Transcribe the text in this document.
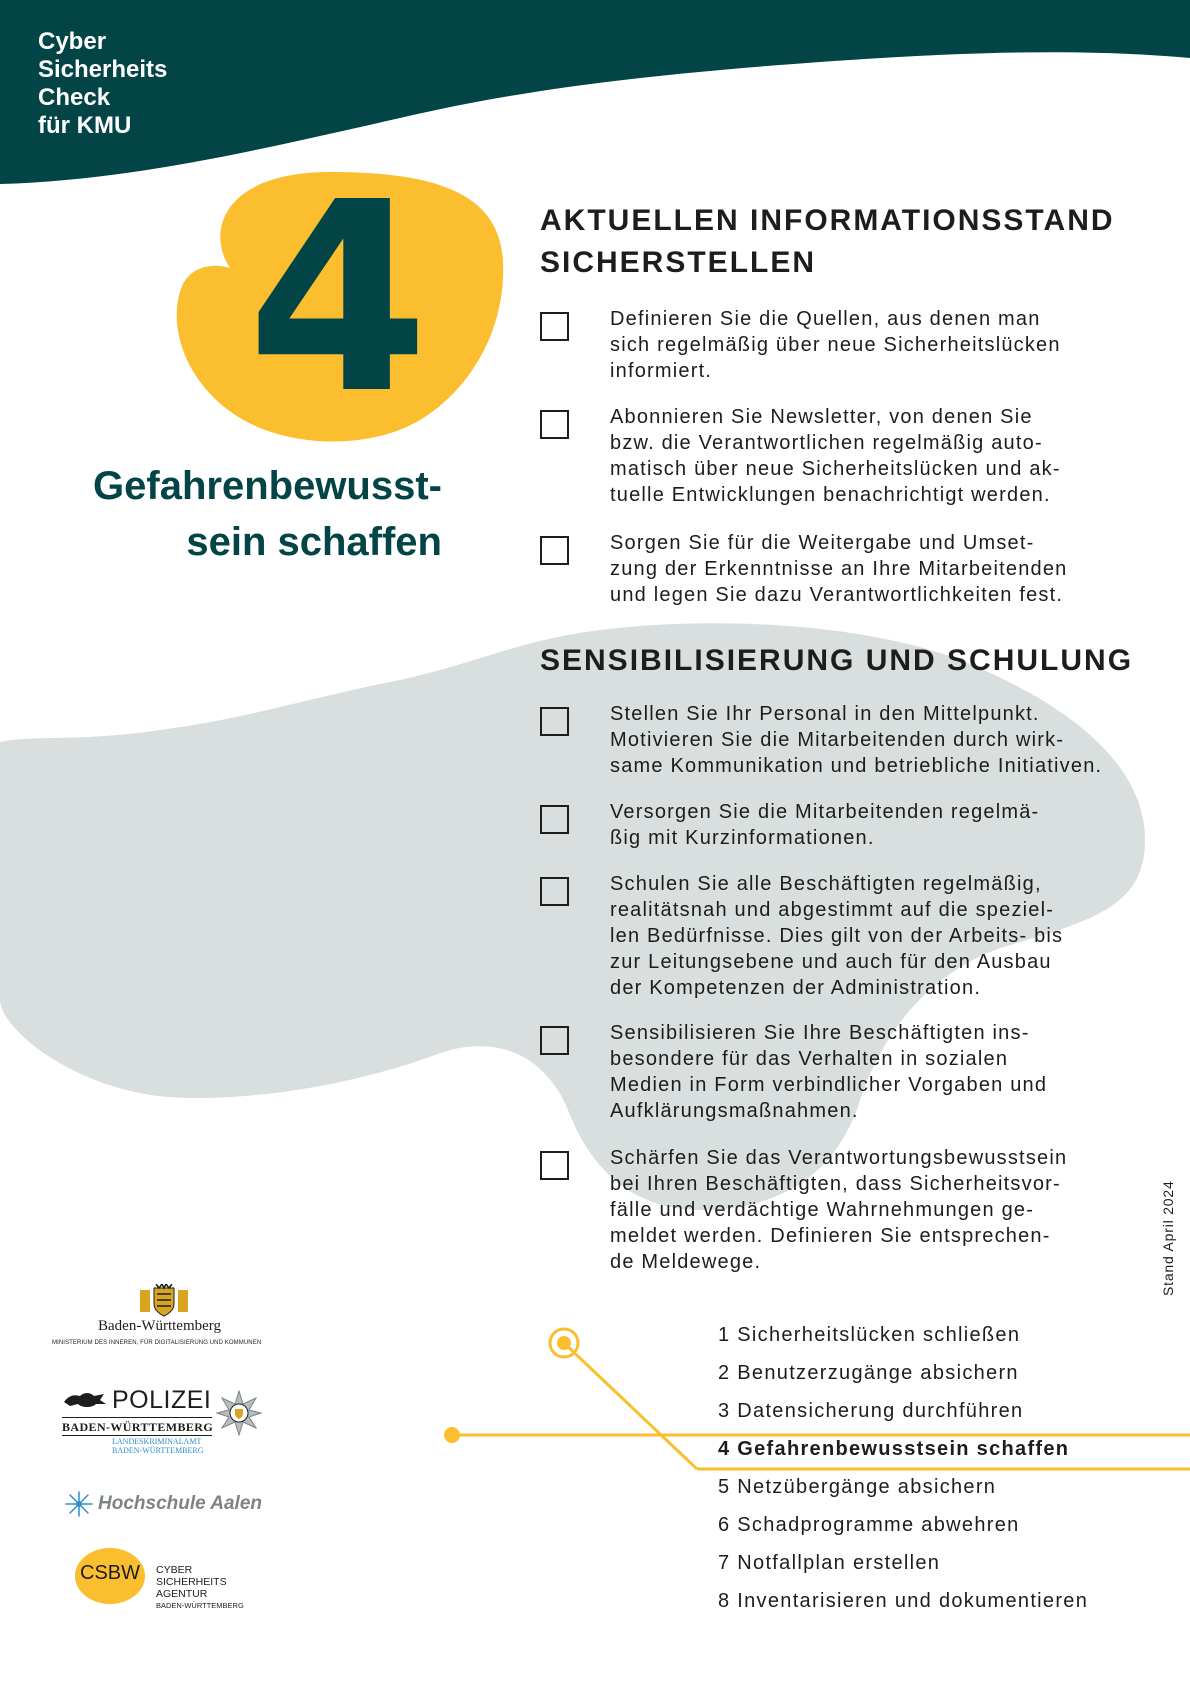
Cyber
Sicherheits
Check
für KMU
4
Gefahrenbewusst-
sein schaffen
AKTUELLEN INFORMATIONSSTAND
SICHERSTELLEN
Definieren Sie die Quellen, aus denen man
sich regelmäßig über neue Sicherheitslücken
informiert.
Abonnieren Sie Newsletter, von denen Sie
bzw. die Verantwortlichen regelmäßig auto-
matisch über neue Sicherheitslücken und ak-
tuelle Entwicklungen benachrichtigt werden.
Sorgen Sie für die Weitergabe und Umset-
zung der Erkenntnisse an Ihre Mitarbeitenden
und legen Sie dazu Verantwortlichkeiten fest.
SENSIBILISIERUNG UND SCHULUNG
Stellen Sie Ihr Personal in den Mittelpunkt.
Motivieren Sie die Mitarbeitenden durch wirk-
same Kommunikation und betriebliche Initiativen.
Versorgen Sie die Mitarbeitenden regelmä-
ßig mit Kurzinformationen.
Schulen Sie alle Beschäftigten regelmäßig,
realitätsnah und abgestimmt auf die speziel-
len Bedürfnisse. Dies gilt von der Arbeits- bis
zur Leitungsebene und auch für den Ausbau
der Kompetenzen der Administration.
Sensibilisieren Sie Ihre Beschäftigten ins-
besondere für das Verhalten in sozialen
Medien in Form verbindlicher Vorgaben und
Aufklärungsmaßnahmen.
Schärfen Sie das Verantwortungsbewusstsein
bei Ihren Beschäftigten, dass Sicherheitsvor-
fälle und verdächtige Wahrnehmungen ge-
meldet werden. Definieren Sie entsprechen-
de Meldewege.	Stand April 2024
1 Sicherheitslücken schließen
2 Benutzerzugänge absichern
3 Datensicherung durchführen
4 Gefahrenbewusstsein schaffen
5 Netzübergänge absichern
6 Schadprogramme abwehren
7 Notfallplan erstellen
8 Inventarisieren und dokumentieren
Baden-Württemberg
MINISTERIUM DES INNEREN, FÜR DIGITALISIERUNG UND KOMMUNEN
POLIZEI
BADEN-WÜRTTEMBERG
LANDESKRIMINALAMT
BADEN-WÜRTTEMBERG
Hochschule Aalen
CSBW	CYBER
SICHERHEITS
AGENTUR
BADEN-WÜRTTEMBERG
